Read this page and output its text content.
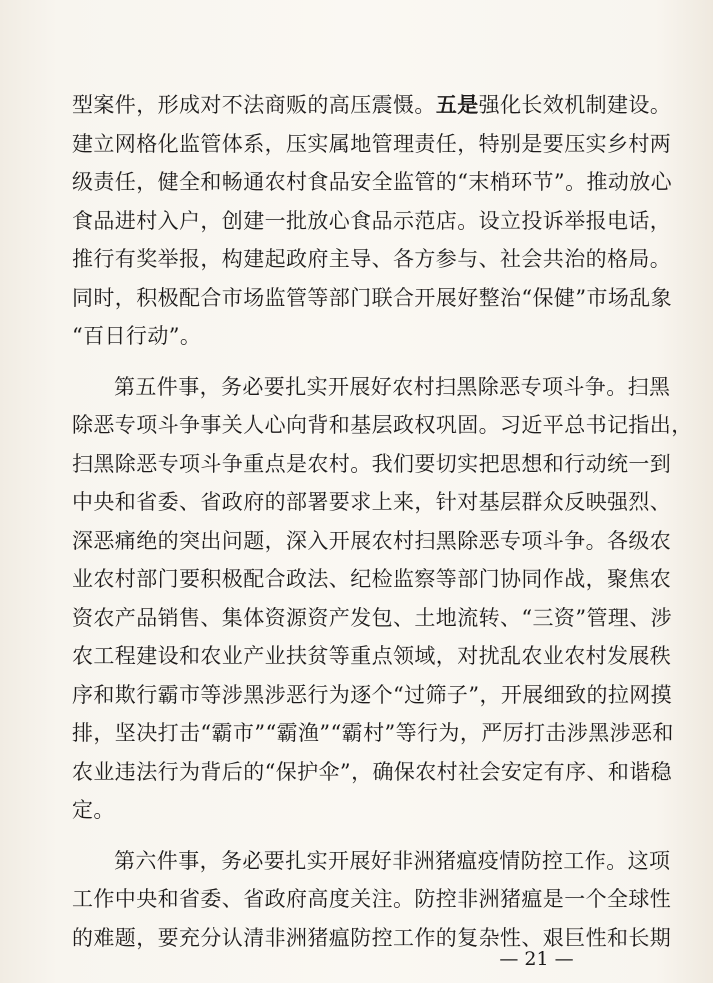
型案件，形成对不法商贩的高压震慑。五是强化长效机制建设。
建立网格化监管体系，压实属地管理责任，特别是要压实乡村两
级责任，健全和畅通农村食品安全监管的“末梢环节”。推动放心
食品进村入户，创建一批放心食品示范店。设立投诉举报电话，
推行有奖举报，构建起政府主导、各方参与、社会共治的格局。
同时，积极配合市场监管等部门联合开展好整治“保健”市场乱象
“百日行动”。
第五件事，务必要扎实开展好农村扫黑除恶专项斗争。扫黑
除恶专项斗争事关人心向背和基层政权巩固。习近平总书记指出，
扫黑除恶专项斗争重点是农村。我们要切实把思想和行动统一到
中央和省委、省政府的部署要求上来，针对基层群众反映强烈、
深恶痛绝的突出问题，深入开展农村扫黑除恶专项斗争。各级农
业农村部门要积极配合政法、纪检监察等部门协同作战，聚焦农
资农产品销售、集体资源资产发包、土地流转、“三资”管理、涉
农工程建设和农业产业扶贫等重点领域，对扰乱农业农村发展秩
序和欺行霸市等涉黑涉恶行为逐个“过筛子”，开展细致的拉网摸
排，坚决打击“霸市”“霸渔”“霸村”等行为，严厉打击涉黑涉恶和
农业违法行为背后的“保护伞”，确保农村社会安定有序、和谐稳
定。
第六件事，务必要扎实开展好非洲猪瘟疫情防控工作。这项
工作中央和省委、省政府高度关注。防控非洲猪瘟是一个全球性
的难题，要充分认清非洲猪瘟防控工作的复杂性、艰巨性和长期
— 21 —
